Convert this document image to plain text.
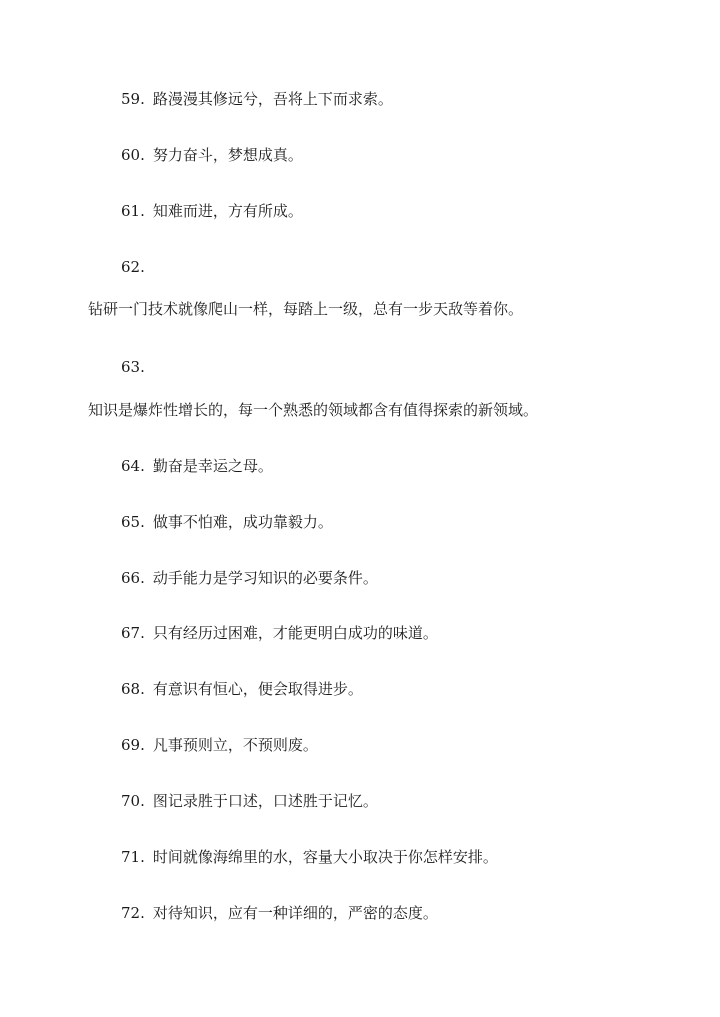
59. 路漫漫其修远兮，吾将上下而求索。
60. 努力奋斗，梦想成真。
61. 知难而进，方有所成。
62.
钻研一门技术就像爬山一样，每踏上一级，总有一步天敌等着你。
63.
知识是爆炸性增长的，每一个熟悉的领域都含有值得探索的新领域。
64. 勤奋是幸运之母。
65. 做事不怕难，成功靠毅力。
66. 动手能力是学习知识的必要条件。
67. 只有经历过困难，才能更明白成功的味道。
68. 有意识有恒心，便会取得进步。
69. 凡事预则立，不预则废。
70. 图记录胜于口述，口述胜于记忆。
71. 时间就像海绵里的水，容量大小取决于你怎样安排。
72. 对待知识，应有一种详细的，严密的态度。
